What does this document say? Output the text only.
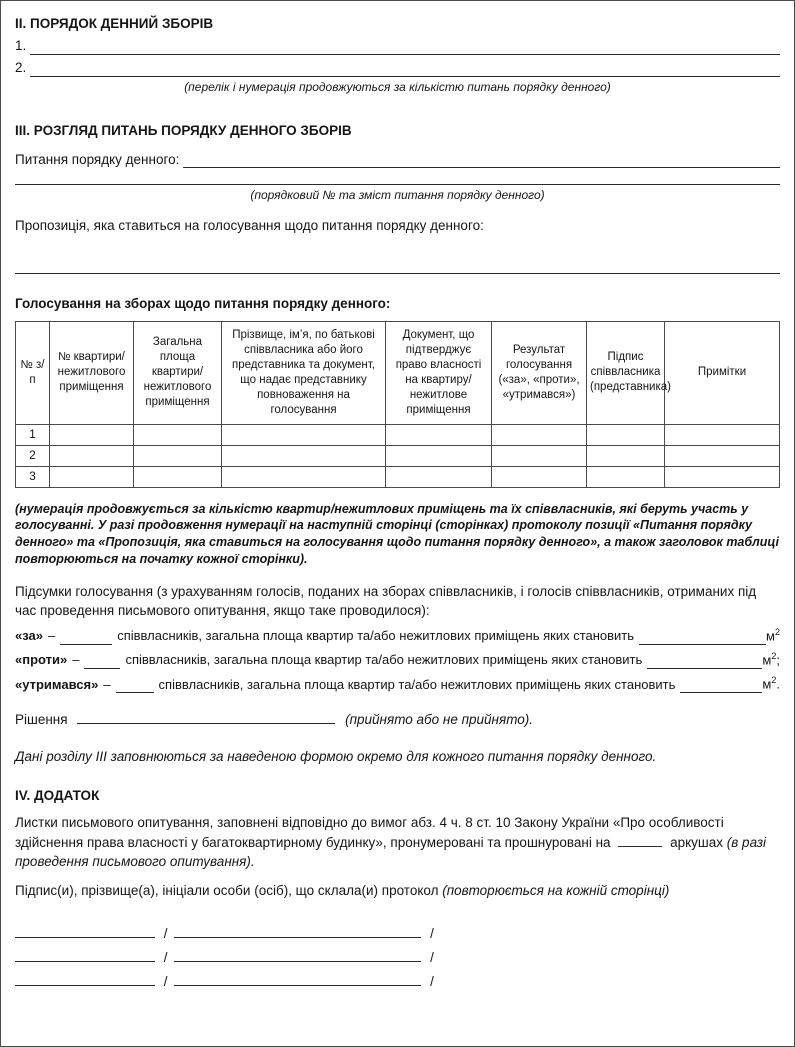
II. ПОРЯДОК ДЕННИЙ ЗБОРІВ
1.
2.
(перелік і нумерація продовжуються за кількістю питань порядку денного)
III. РОЗГЛЯД ПИТАНЬ ПОРЯДКУ ДЕННОГО ЗБОРІВ
Питання порядку денного:
(порядковий № та зміст питання порядку денного)

Пропозиція, яка ставиться на голосування щодо питання порядку денного:

Голосування на зборах щодо питання порядку денного:

№ з/п	№ квартири/нежитлового приміщення	Загальна площа квартири/нежитлового приміщення	Прізвище, ім’я, по батькові співвласника або його представника та документ, що надає представнику повноваження на голосування	Документ, що підтверджує право власності на квартиру/нежитлове приміщення	Результат голосування («за», «проти», «утримався»)	Підпис співвласника (представника)	Примітки
1							
2							
3							

(нумерація продовжується за кількістю квартир/нежитлових приміщень та їх співвласників, які беруть участь у голосуванні. У разі продовження нумерації на наступній сторінці (сторінках) протоколу позиції «Питання порядку денного» та «Пропозиція, яка ставиться на голосування щодо питання порядку денного», а також заголовок таблиці повторюються на початку кожної сторінки).

Підсумки голосування (з урахуванням голосів, поданих на зборах співвласників, і голосів співвласників, отриманих під час проведення письмового опитування, якщо таке проводилося):

«за» –	співвласників, загальна площа квартир та/або нежитлових приміщень яких становить	$м^2$
«проти» –	співвласників, загальна площа квартир та/або нежитлових приміщень яких становить	$м^2$;
«утримався» –	співвласників, загальна площа квартир та/або нежитлових приміщень яких становить	$м^2$.
Рішення	(прийнято або не прийнято).

Дані розділу III заповнюються за наведеною формою окремо для кожного питання порядку денного.

IV. ДОДАТОК

Листки письмового опитування, заповнені відповідно до вимог абз. 4 ч. 8 ст. 10 Закону України «Про особливості здійснення права власності у багатоквартирному будинку», пронумеровані та прошнуровані на	аркушах (в разі проведення письмового опитування).

Підпис(и), прізвище(а), ініціали особи (осіб), що склала(и) протокол (повторюється на кожній сторінці)

/	/
/	/
/	/
